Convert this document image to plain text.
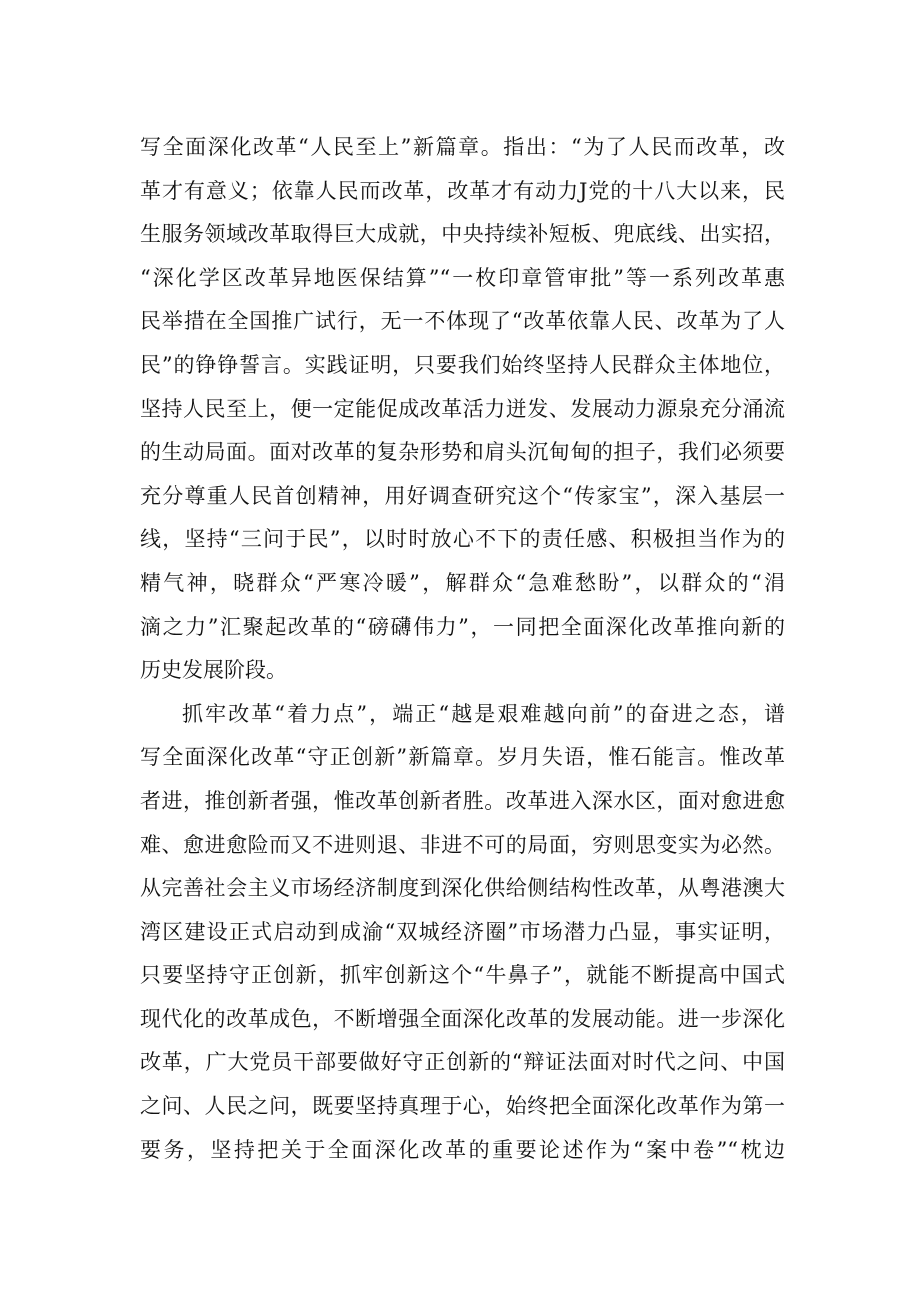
写全面深化改革“人民至上”新篇章。指出：“为了人民而改革，改
革才有意义；依靠人民而改革，改革才有动力J党的十八大以来，民
生服务领域改革取得巨大成就，中央持续补短板、兜底线、出实招，
“深化学区改革异地医保结算”“一枚印章管审批”等一系列改革惠
民举措在全国推广试行，无一不体现了“改革依靠人民、改革为了人
民”的铮铮誓言。实践证明，只要我们始终坚持人民群众主体地位，
坚持人民至上，便一定能促成改革活力迸发、发展动力源泉充分涌流
的生动局面。面对改革的复杂形势和肩头沉甸甸的担子，我们必须要
充分尊重人民首创精神，用好调查研究这个“传家宝”，深入基层一
线，坚持“三问于民”，以时时放心不下的责任感、积极担当作为的
精气神，晓群众“严寒冷暖”，解群众“急难愁盼”，以群众的“涓
滴之力”汇聚起改革的“磅礴伟力”，一同把全面深化改革推向新的
历史发展阶段。
抓牢改革“着力点”，端正“越是艰难越向前”的奋进之态，谱
写全面深化改革“守正创新”新篇章。岁月失语，惟石能言。惟改革
者进，推创新者强，惟改革创新者胜。改革进入深水区，面对愈进愈
难、愈进愈险而又不进则退、非进不可的局面，穷则思变实为必然。
从完善社会主义市场经济制度到深化供给侧结构性改革，从粤港澳大
湾区建设正式启动到成渝“双城经济圈”市场潜力凸显，事实证明，
只要坚持守正创新，抓牢创新这个“牛鼻子”，就能不断提高中国式
现代化的改革成色，不断增强全面深化改革的发展动能。进一步深化
改革，广大党员干部要做好守正创新的“辩证法面对时代之问、中国
之问、人民之问，既要坚持真理于心，始终把全面深化改革作为第一
要务，坚持把关于全面深化改革的重要论述作为“案中卷”“枕边
